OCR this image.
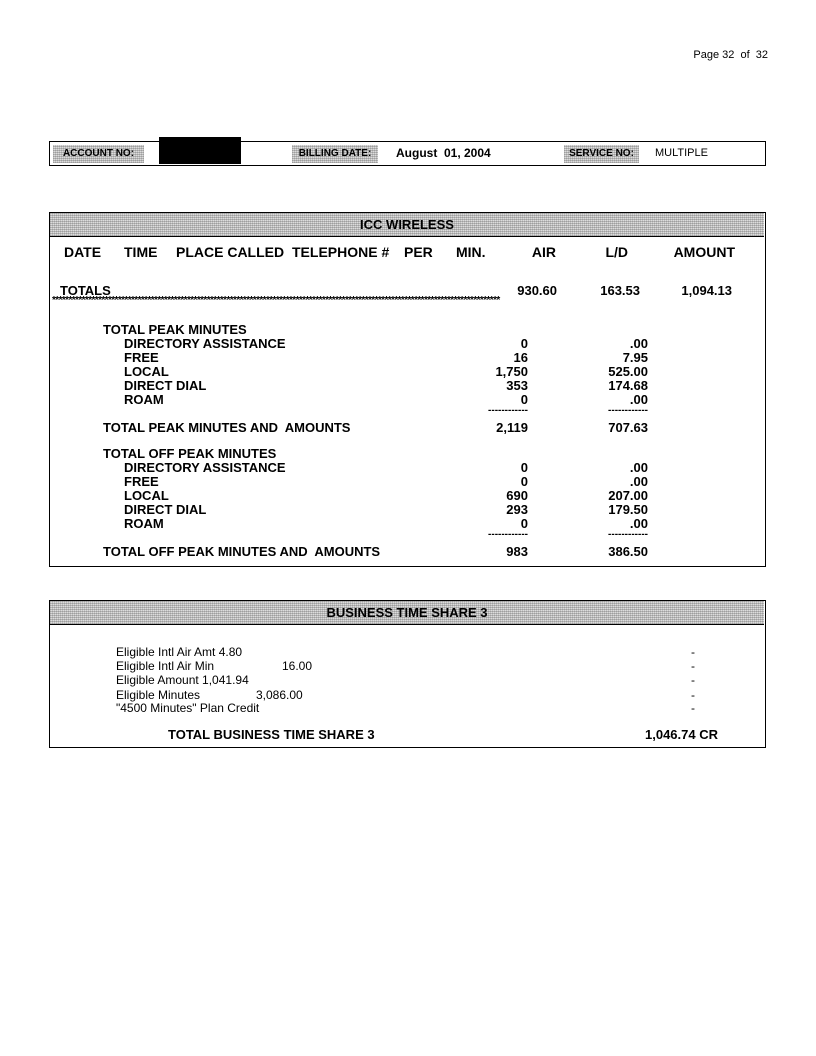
Page 32  of  32
ACCOUNT NO:	BILLING DATE:	August  01, 2004	SERVICE NO:	MULTIPLE
ICC WIRELESS
DATE TIME PLACE CALLED TELEPHONE # PER MIN.	AIR	L/D	AMOUNT
TOTALS	930.60	163.53	1,094.13
****************************************************************************************************************************************
TOTAL PEAK MINUTES
DIRECTORY ASSISTANCE	0	.00
FREE	16	7.95
LOCAL	1,750	525.00
DIRECT DIAL	353	174.68
ROAM	0	.00
------------	------------
TOTAL PEAK MINUTES AND  AMOUNTS	2,119	707.63
TOTAL OFF PEAK MINUTES
DIRECTORY ASSISTANCE	0	.00
FREE	0	.00
LOCAL	690	207.00
DIRECT DIAL	293	179.50
ROAM	0	.00
------------	------------
TOTAL OFF PEAK MINUTES AND  AMOUNTS	983	386.50
BUSINESS TIME SHARE 3
Eligible Intl Air Amt 4.80	-
Eligible Intl Air Min	16.00	-
Eligible Amount 1,041.94	-
Eligible Minutes	3,086.00	-
"4500 Minutes" Plan Credit	-
TOTAL BUSINESS TIME SHARE 3	1,046.74 CR
